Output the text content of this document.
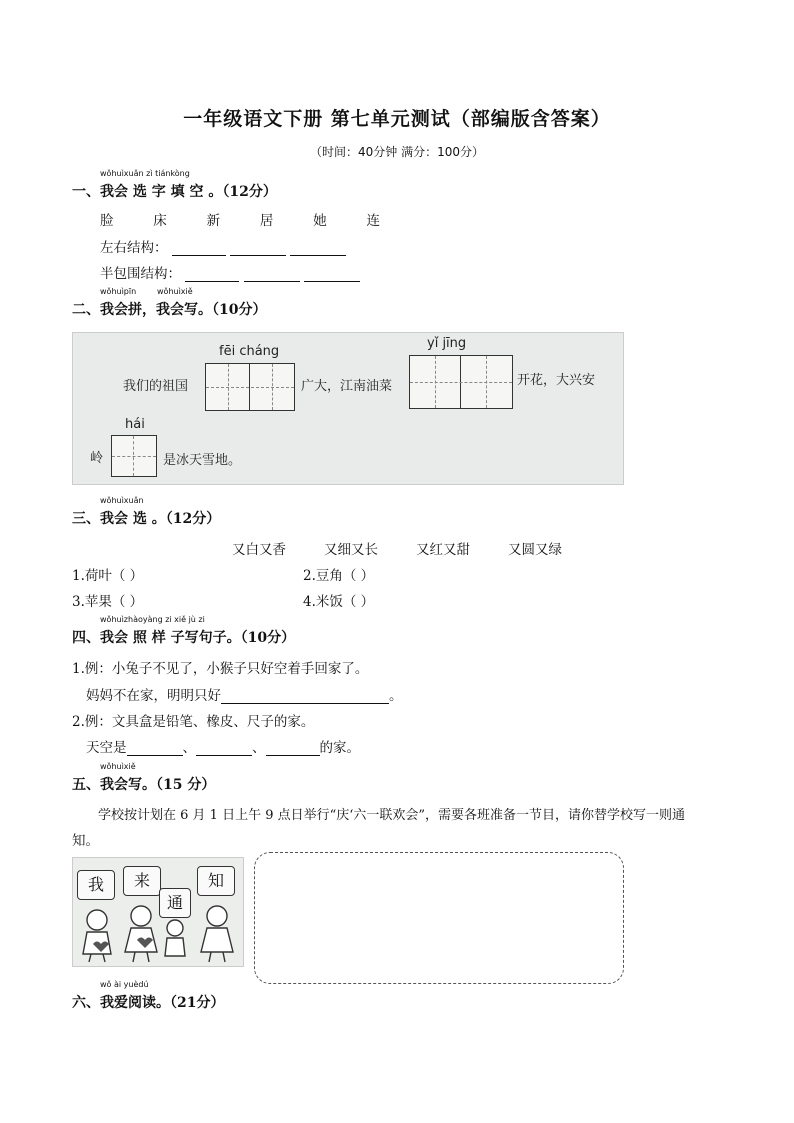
一年级语文下册 第七单元测试（部编版含答案）
（时间：40分钟 满分：100分）
wǒhuìxuǎn zì tiánkòng
一、我会 选 字 填 空 。（12分）
脸	床	新	居	她	连
左右结构：
半包围结构：
wǒhuìpīn	wǒhuìxiě
二、我会拼，我会写。（10分）
我们的祖国
fēi cháng
广大，江南油菜
yǐ jīng
开花，大兴安
岭
hái
是冰天雪地。
wǒhuìxuǎn
三、我会 选 。（12分）
又白又香	又细又长	又红又甜	又圆又绿
1.荷叶（ ）	2.豆角（ ）
3.苹果（ ）	4.米饭（ ）
wǒhuìzhàoyàng zi xiě jù zi
四、我会 照 样 子写句子。（10分）
1.例：小兔子不见了，小猴子只好空着手回家了。
妈妈不在家，明明只好	。
2.例：文具盒是铅笔、橡皮、尺子的家。
天空是	、	、	的家。
wǒhuìxiě
五、我会写。（15 分）
学校按计划在 6 月 1 日上午 9 点日举行“庆‘六一联欢会”，需要各班准备一节目，请你替学校写一则通
知。
我	来
通
知
wǒ ài yuèdú
六、我爱阅读。（21分）
